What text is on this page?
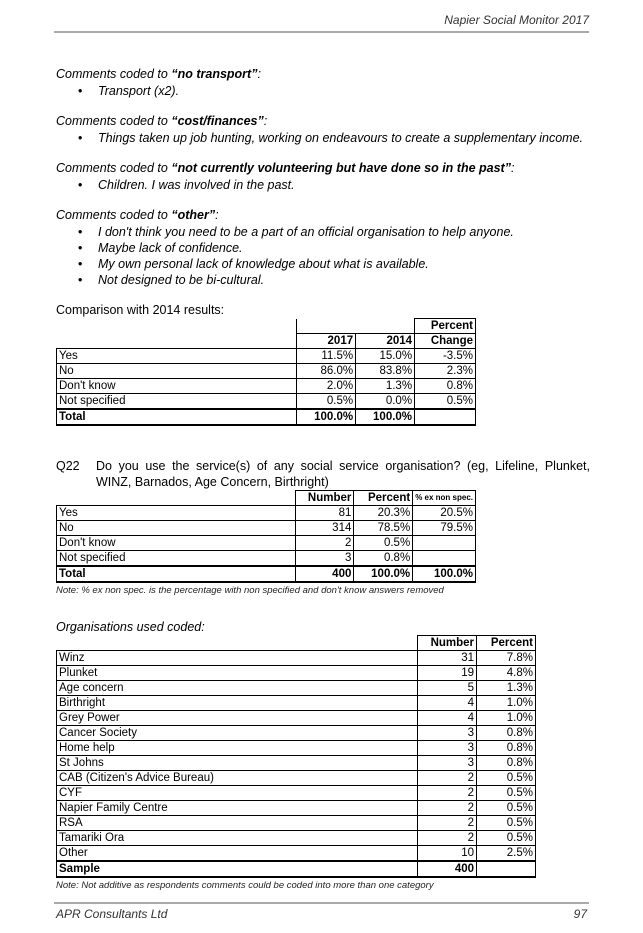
Napier Social Monitor 2017

Comments coded to “no transport”:

• Transport (x2).

Comments coded to “cost/finances”:

• Things taken up job hunting, working on endeavours to create a supplementary income.

Comments coded to “not currently volunteering but have done so in the past”:

• Children. I was involved in the past.

Comments coded to “other”:

• I don't think you need to be a part of an official organisation to help anyone.
• Maybe lack of confidence.
• My own personal lack of knowledge about what is available.
• Not designed to be bi-cultural.

Comparison with 2014 results:

			Percent
	2017	2014	Change
Yes	11.5%	15.0%	-3.5%
No	86.0%	83.8%	2.3%
Don't know	2.0%	1.3%	0.8%
Not specified	0.5%	0.0%	0.5%
Total	100.0%	100.0%	
Q22	Do you use the service(s) of any social service organisation? (eg, Lifeline, Plunket, WINZ, Barnados, Age Concern, Birthright)
	Number	Percent	% ex non spec.
Yes	81	20.3%	20.5%
No	314	78.5%	79.5%
Don't know	2	0.5%	
Not specified	3	0.8%	
Total	400	100.0%	100.0%

Note: % ex non spec. is the percentage with non specified and don't know answers removed

Organisations used coded:

	Number	Percent
Winz	31	7.8%
Plunket	19	4.8%
Age concern	5	1.3%
Birthright	4	1.0%
Grey Power	4	1.0%
Cancer Society	3	0.8%
Home help	3	0.8%
St Johns	3	0.8%
CAB (Citizen's Advice Bureau)	2	0.5%
CYF	2	0.5%
Napier Family Centre	2	0.5%
RSA	2	0.5%
Tamariki Ora	2	0.5%
Other	10	2.5%
Sample	400	

Note: Not additive as respondents comments could be coded into more than one category

APR Consultants Ltd	97
